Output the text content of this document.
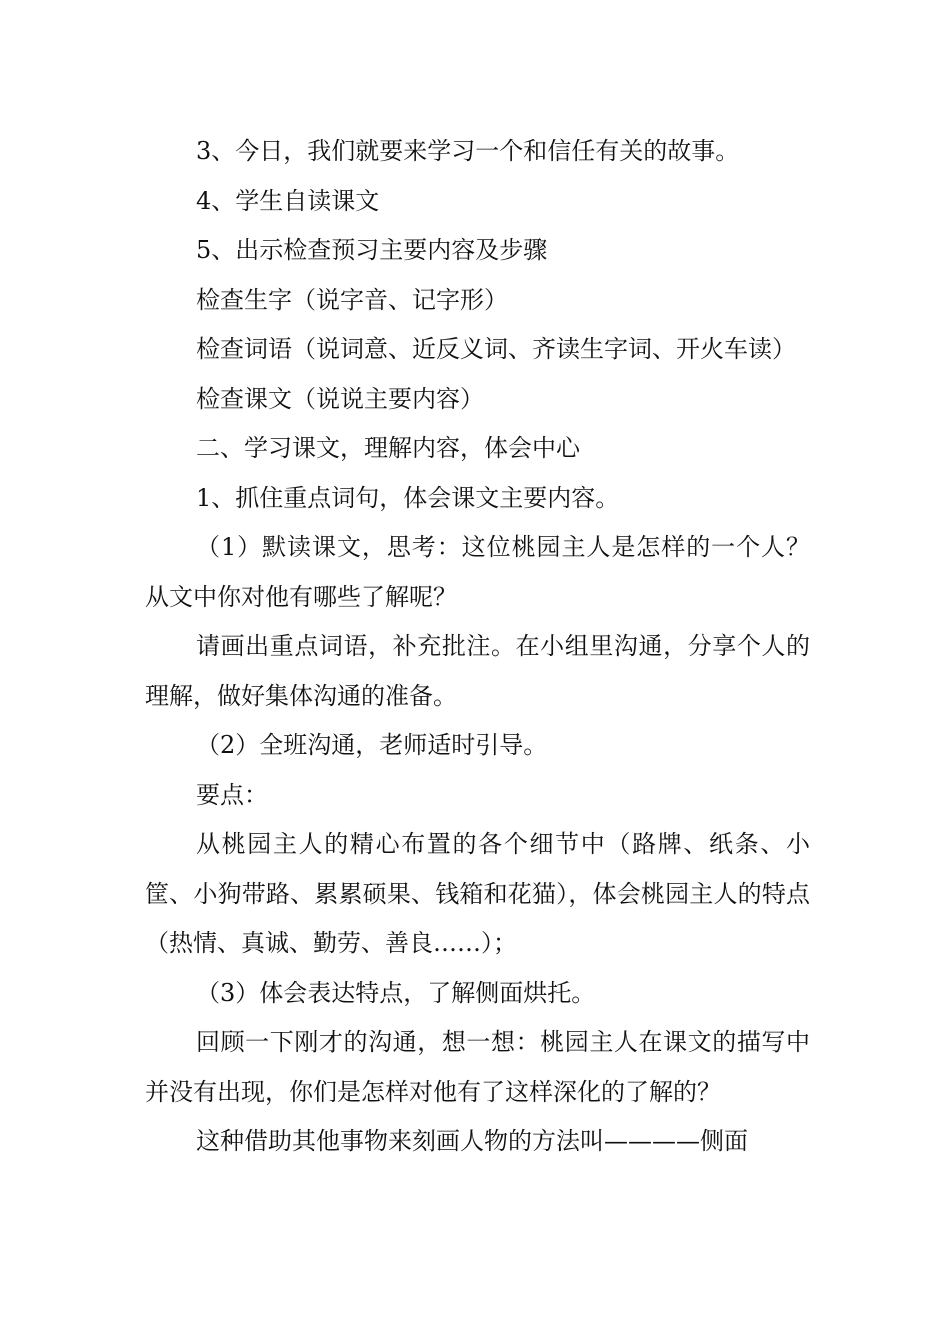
3、今日，我们就要来学习一个和信任有关的故事。

4、学生自读课文

5、出示检查预习主要内容及步骤

检查生字（说字音、记字形）

检查词语（说词意、近反义词、齐读生字词、开火车读）

检查课文（说说主要内容）

二、学习课文，理解内容，体会中心

1、抓住重点词句，体会课文主要内容。

（1）默读课文，思考：这位桃园主人是怎样的一个人？从文中你对他有哪些了解呢？

请画出重点词语，补充批注。在小组里沟通，分享个人的理解，做好集体沟通的准备。

（2）全班沟通，老师适时引导。

要点：

从桃园主人的精心布置的各个细节中（路牌、纸条、小筐、小狗带路、累累硕果、钱箱和花猫），体会桃园主人的特点（热情、真诚、勤劳、善良……）；

（3）体会表达特点，了解侧面烘托。

回顾一下刚才的沟通，想一想：桃园主人在课文的描写中并没有出现，你们是怎样对他有了这样深化的了解的？

这种借助其他事物来刻画人物的方法叫————侧面
